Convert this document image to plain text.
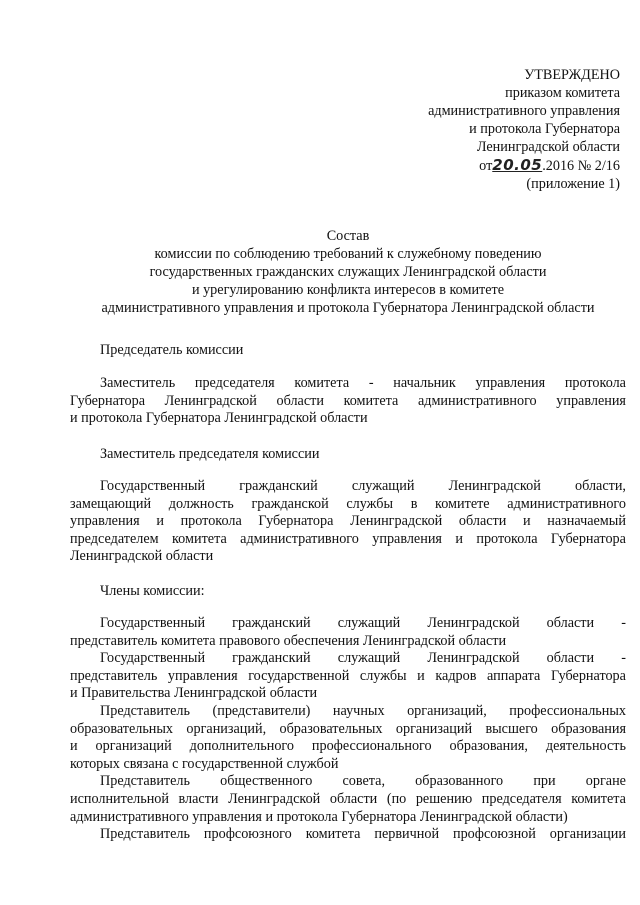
УТВЕРЖДЕНО
приказом комитета
административного управления
и протокола Губернатора
Ленинградской области
от20.05.2016 № 2/16
(приложение 1)
Состав
комиссии по соблюдению требований к служебному поведению
государственных гражданских служащих Ленинградской области
и урегулированию конфликта интересов в комитете
административного управления и протокола Губернатора Ленинградской области
Председатель комиссии
Заместитель председателя комитета - начальник управления протокола
Губернатора Ленинградской области комитета административного управления
и протокола Губернатора Ленинградской области
Заместитель председателя комиссии
Государственный гражданский служащий Ленинградской области,
замещающий должность гражданской службы в комитете административного
управления и протокола Губернатора Ленинградской области и назначаемый
председателем комитета административного управления и протокола Губернатора
Ленинградской области
Члены комиссии:
Государственный гражданский служащий Ленинградской области -
представитель комитета правового обеспечения Ленинградской области
Государственный гражданский служащий Ленинградской области -
представитель управления государственной службы и кадров аппарата Губернатора
и Правительства Ленинградской области
Представитель (представители) научных организаций, профессиональных
образовательных организаций, образовательных организаций высшего образования
и организаций дополнительного профессионального образования, деятельность
которых связана с государственной службой
Представитель общественного совета, образованного при органе
исполнительной власти Ленинградской области (по решению председателя комитета
административного управления и протокола Губернатора Ленинградской области)
Представитель профсоюзного комитета первичной профсоюзной организации
